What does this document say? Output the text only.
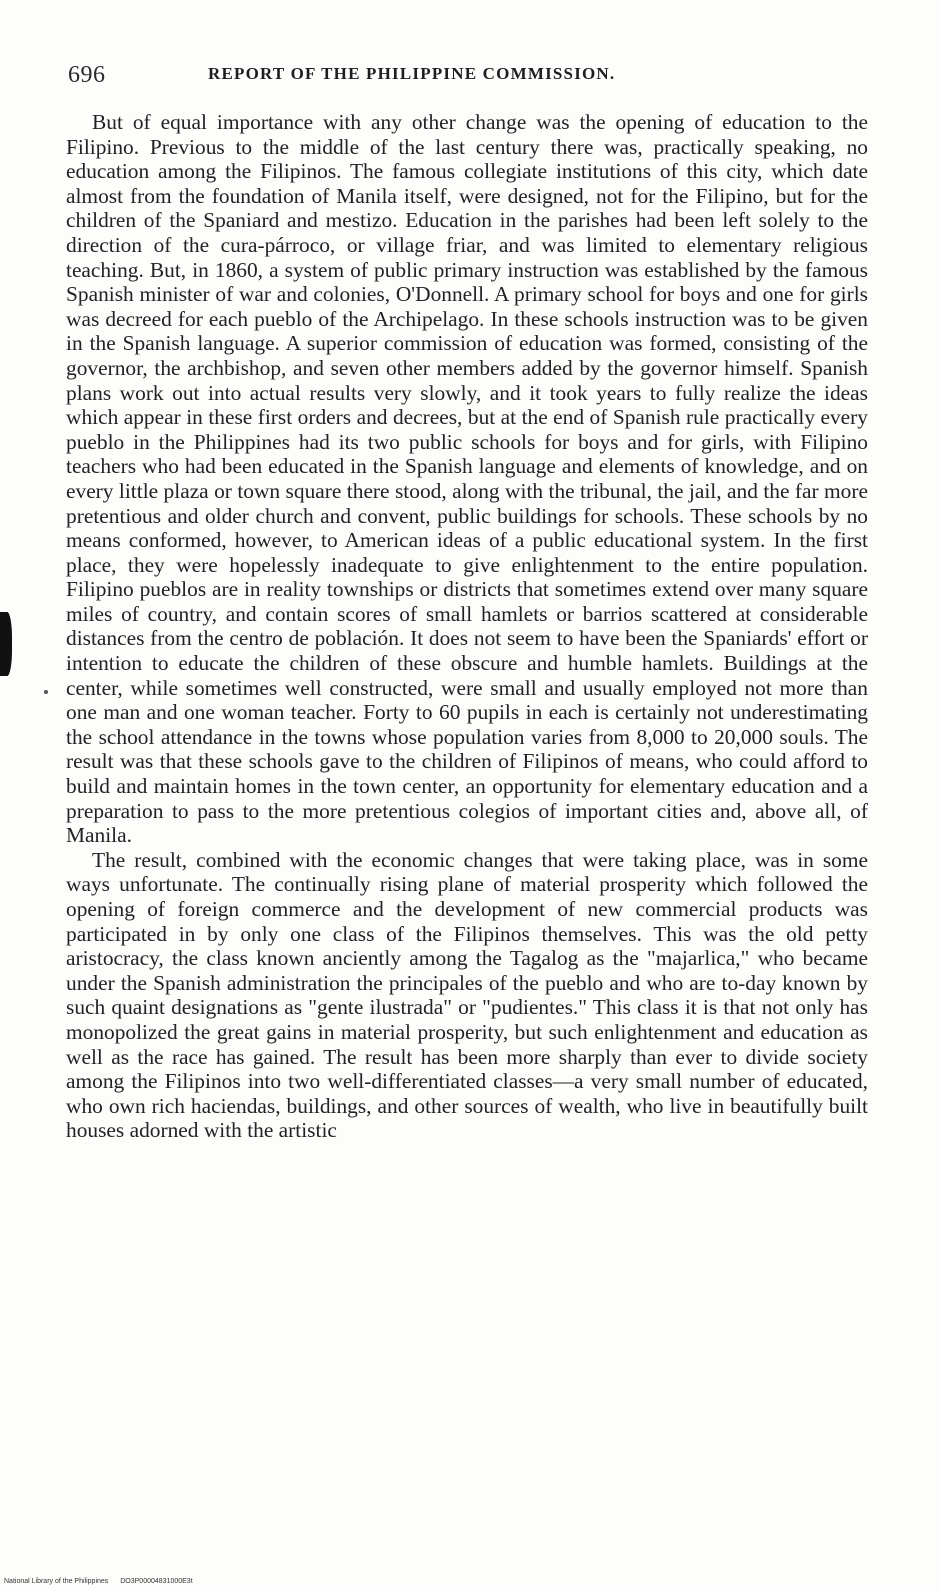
696	REPORT OF THE PHILIPPINE COMMISSION.

But of equal importance with any other change was the opening of education to the Filipino. Previous to the middle of the last century there was, practically speaking, no education among the Filipinos. The famous collegiate institutions of this city, which date almost from the foundation of Manila itself, were designed, not for the Filipino, but for the children of the Spaniard and mestizo. Education in the parishes had been left solely to the direction of the cura-párroco, or village friar, and was limited to elementary religious teaching. But, in 1860, a system of public primary instruction was established by the famous Spanish minister of war and colonies, O'Donnell. A primary school for boys and one for girls was decreed for each pueblo of the Archipelago. In these schools instruction was to be given in the Spanish language. A superior commission of education was formed, consisting of the governor, the archbishop, and seven other members added by the governor himself. Spanish plans work out into actual results very slowly, and it took years to fully realize the ideas which appear in these first orders and decrees, but at the end of Spanish rule practically every pueblo in the Philippines had its two public schools for boys and for girls, with Filipino teachers who had been educated in the Spanish language and elements of knowledge, and on every little plaza or town square there stood, along with the tribunal, the jail, and the far more pretentious and older church and convent, public buildings for schools. These schools by no means conformed, however, to American ideas of a public educational system. In the first place, they were hopelessly inadequate to give enlightenment to the entire population. Filipino pueblos are in reality townships or districts that sometimes extend over many square miles of country, and contain scores of small hamlets or barrios scattered at considerable distances from the centro de población. It does not seem to have been the Spaniards' effort or intention to educate the children of these obscure and humble hamlets. Buildings at the center, while sometimes well constructed, were small and usually employed not more than one man and one woman teacher. Forty to 60 pupils in each is certainly not underestimating the school attendance in the towns whose population varies from 8,000 to 20,000 souls. The result was that these schools gave to the children of Filipinos of means, who could afford to build and maintain homes in the town center, an opportunity for elementary education and a preparation to pass to the more pretentious colegios of important cities and, above all, of Manila.

The result, combined with the economic changes that were taking place, was in some ways unfortunate. The continually rising plane of material prosperity which followed the opening of foreign commerce and the development of new commercial products was participated in by only one class of the Filipinos themselves. This was the old petty aristocracy, the class known anciently among the Tagalog as the "majarlica," who became under the Spanish administration the principales of the pueblo and who are to-day known by such quaint designations as "gente ilustrada" or "pudientes." This class it is that not only has monopolized the great gains in material prosperity, but such enlightenment and education as well as the race has gained. The result has been more sharply than ever to divide society among the Filipinos into two well-differentiated classes—a very small number of educated, who own rich haciendas, buildings, and other sources of wealth, who live in beautifully built houses adorned with the artistic

National Library of the Philippines DO3P00004831000E3t
